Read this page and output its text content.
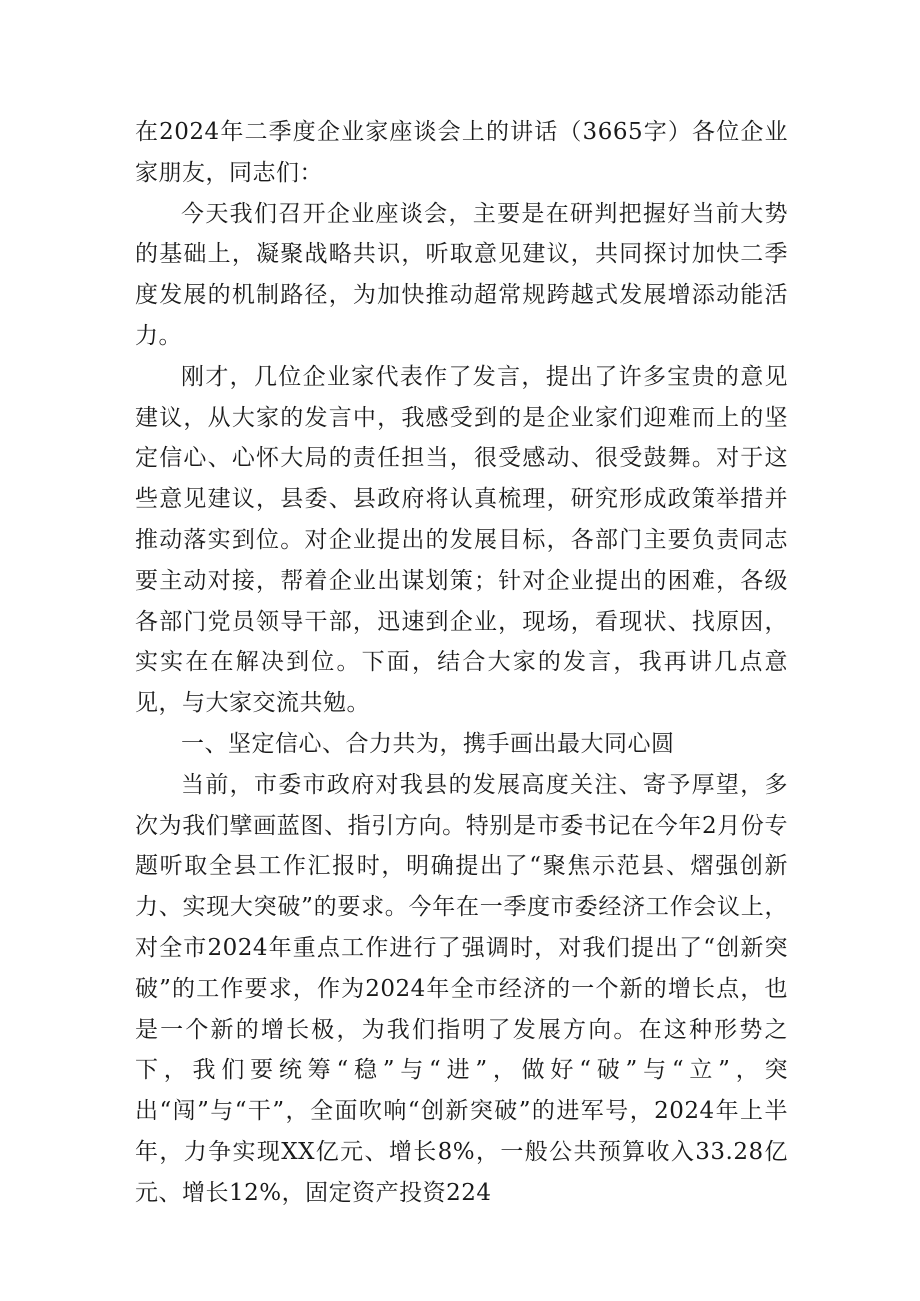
在2024年二季度企业家座谈会上的讲话（3665字）各位企业家朋友，同志们：

今天我们召开企业座谈会，主要是在研判把握好当前大势的基础上，凝聚战略共识，听取意见建议，共同探讨加快二季度发展的机制路径，为加快推动超常规跨越式发展增添动能活力。

刚才，几位企业家代表作了发言，提出了许多宝贵的意见建议，从大家的发言中，我感受到的是企业家们迎难而上的坚定信心、心怀大局的责任担当，很受感动、很受鼓舞。对于这些意见建议，县委、县政府将认真梳理，研究形成政策举措并推动落实到位。对企业提出的发展目标，各部门主要负责同志要主动对接，帮着企业出谋划策；针对企业提出的困难，各级各部门党员领导干部，迅速到企业，现场，看现状、找原因，实实在在解决到位。下面，结合大家的发言，我再讲几点意见，与大家交流共勉。

一、坚定信心、合力共为，携手画出最大同心圆

当前，市委市政府对我县的发展高度关注、寄予厚望，多次为我们擘画蓝图、指引方向。特别是市委书记在今年2月份专题听取全县工作汇报时，明确提出了“聚焦示范县、熠强创新力、实现大突破”的要求。今年在一季度市委经济工作会议上，对全市2024年重点工作进行了强调时，对我们提出了“创新突破”的工作要求，作为2024年全市经济的一个新的增长点，也是一个新的增长极，为我们指明了发展方向。在这种形势之下，我们要统筹“稳”与“进”，做好“破”与“立”，突出“闯”与“干”，全面吹响“创新突破”的进军号，2024年上半年，力争实现XX亿元、增长8%，一般公共预算收入33.28亿元、增长12%，固定资产投资224
